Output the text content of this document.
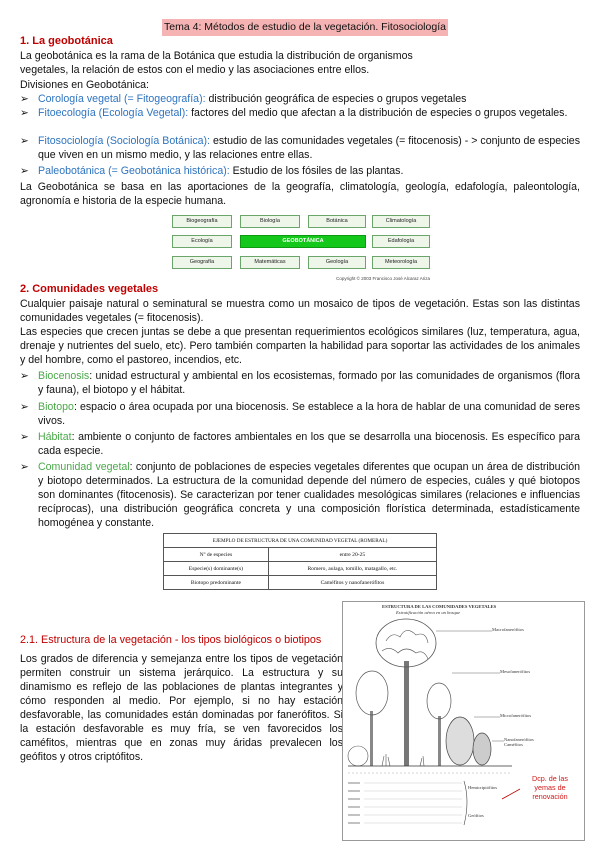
Tema 4: Métodos de estudio de la vegetación. Fitosociología
1. La geobotánica
La geobotánica es la rama de la Botánica que estudia la distribución de organismos vegetales, la relación de estos con el medio y las asociaciones entre ellos.
Divisiones en Geobotánica:
➢ Corología vegetal (= Fitogeografía): distribución geográfica de especies o grupos vegetales
➢ Fitoecología (Ecología Vegetal): factores del medio que afectan a la distribución de especies o grupos vegetales.
➢ Fitosociología (Sociología Botánica): estudio de las comunidades vegetales (= fitocenosis) - > conjunto de especies que viven en un mismo medio, y las relaciones entre ellas.
➢ Paleobotánica (= Geobotánica histórica): Estudio de los fósiles de las plantas.
La Geobotánica se basa en las aportaciones de la geografía, climatología, geología, edafología, paleontología, agronomía e historia de la especie humana.
Biogeografía	Biología	Botánica	Climatología
Ecología	GEOBOTÁNICA	Edafología
Geografía	Matemáticas	Geología	Meteorología
Copyright © 2003 Francisco José Alcaraz Ariza
2. Comunidades vegetales
Cualquier paisaje natural o seminatural se muestra como un mosaico de tipos de vegetación. Estas son las distintas comunidades vegetales (= fitocenosis).
Las especies que crecen juntas se debe a que presentan requerimientos ecológicos similares (luz, temperatura, agua, drenaje y nutrientes del suelo, etc). Pero también comparten la habilidad para soportar las actividades de los animales y del hombre, como el pastoreo, incendios, etc.
➢ Biocenosis: unidad estructural y ambiental en los ecosistemas, formado por las comunidades de organismos (flora y fauna), el biotopo y el hábitat.
➢ Biotopo: espacio o área ocupada por una biocenosis. Se establece a la hora de hablar de una comunidad de seres vivos.
➢ Hábitat: ambiente o conjunto de factores ambientales en los que se desarrolla una biocenosis. Es específico para cada especie.
➢ Comunidad vegetal: conjunto de poblaciones de especies vegetales diferentes que ocupan un área de distribución y biotopo determinados. La estructura de la comunidad depende del número de especies, cuáles y qué biotopos son dominantes (fitocenosis). Se caracterizan por tener cualidades mesológicas similares (relaciones e influencias recíprocas), una distribución geográfica concreta y una composición florística determinada, estadísticamente homogénea y constante.
EJEMPLO DE ESTRUCTURA DE UNA COMUNIDAD VEGETAL (ROMERAL)	
Nº de especies	entre 20-25
Especie(s) dominante(s)	Romero, aulaga, tomillo, matagallo, etc.
Biotopo predominante	Caméfitos y nanofanerófitos
2.1. Estructura de la vegetación - los tipos biológicos o biotipos
Los grados de diferencia y semejanza entre los tipos de vegetación permiten construir un sistema jerárquico. La estructura y su dinamismo es reflejo de las poblaciones de plantas integrantes y cómo responden al medio. Por ejemplo, si no hay estación desfavorable, las comunidades están dominadas por fanerófitos. Si la estación desfavorable es muy fría, se ven favorecidos los caméfitos, mientras que en zonas muy áridas prevalecen los geófitos y otros criptófitos.
ESTRUCTURA DE LAS COMUNIDADES VEGETALES
Estratificación aérea en un bosque
Macrofanerófitos
Mesofanerófitos
Microfanerófitos
Nanofanerófitos Caméfitos
Hemicriptófitos
Geófitos
Dcp. de las yemas de renovación
